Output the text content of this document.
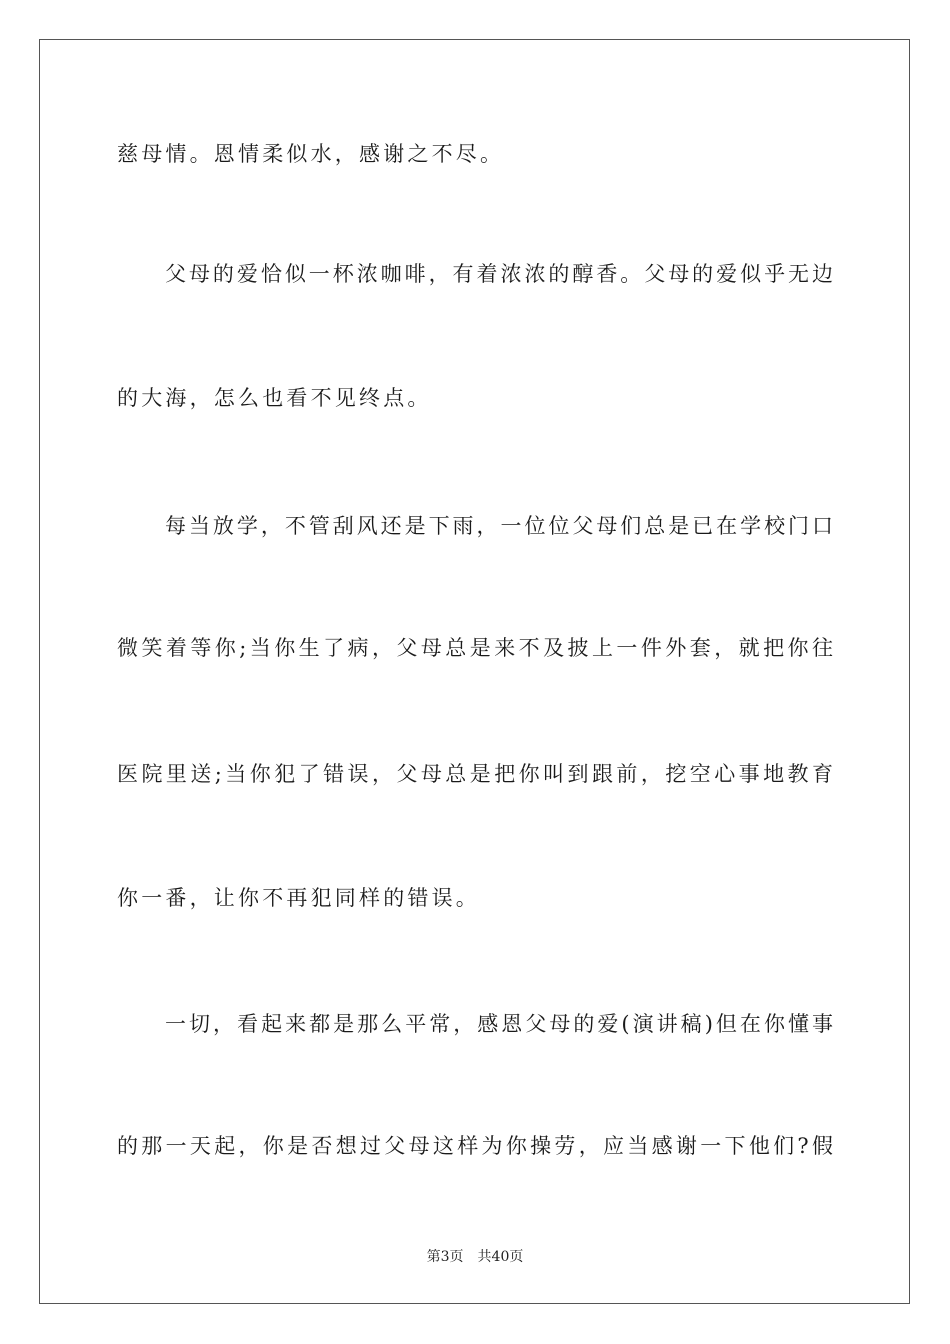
慈母情。恩情柔似水，感谢之不尽。
父母的爱恰似一杯浓咖啡，有着浓浓的醇香。父母的爱似乎无边
的大海，怎么也看不见终点。
每当放学，不管刮风还是下雨，一位位父母们总是已在学校门口
微笑着等你;当你生了病，父母总是来不及披上一件外套，就把你往
医院里送;当你犯了错误，父母总是把你叫到跟前，挖空心事地教育
你一番，让你不再犯同样的错误。
一切，看起来都是那么平常，感恩父母的爱(演讲稿)但在你懂事
的那一天起，你是否想过父母这样为你操劳，应当感谢一下他们?假
第3页 共40页
